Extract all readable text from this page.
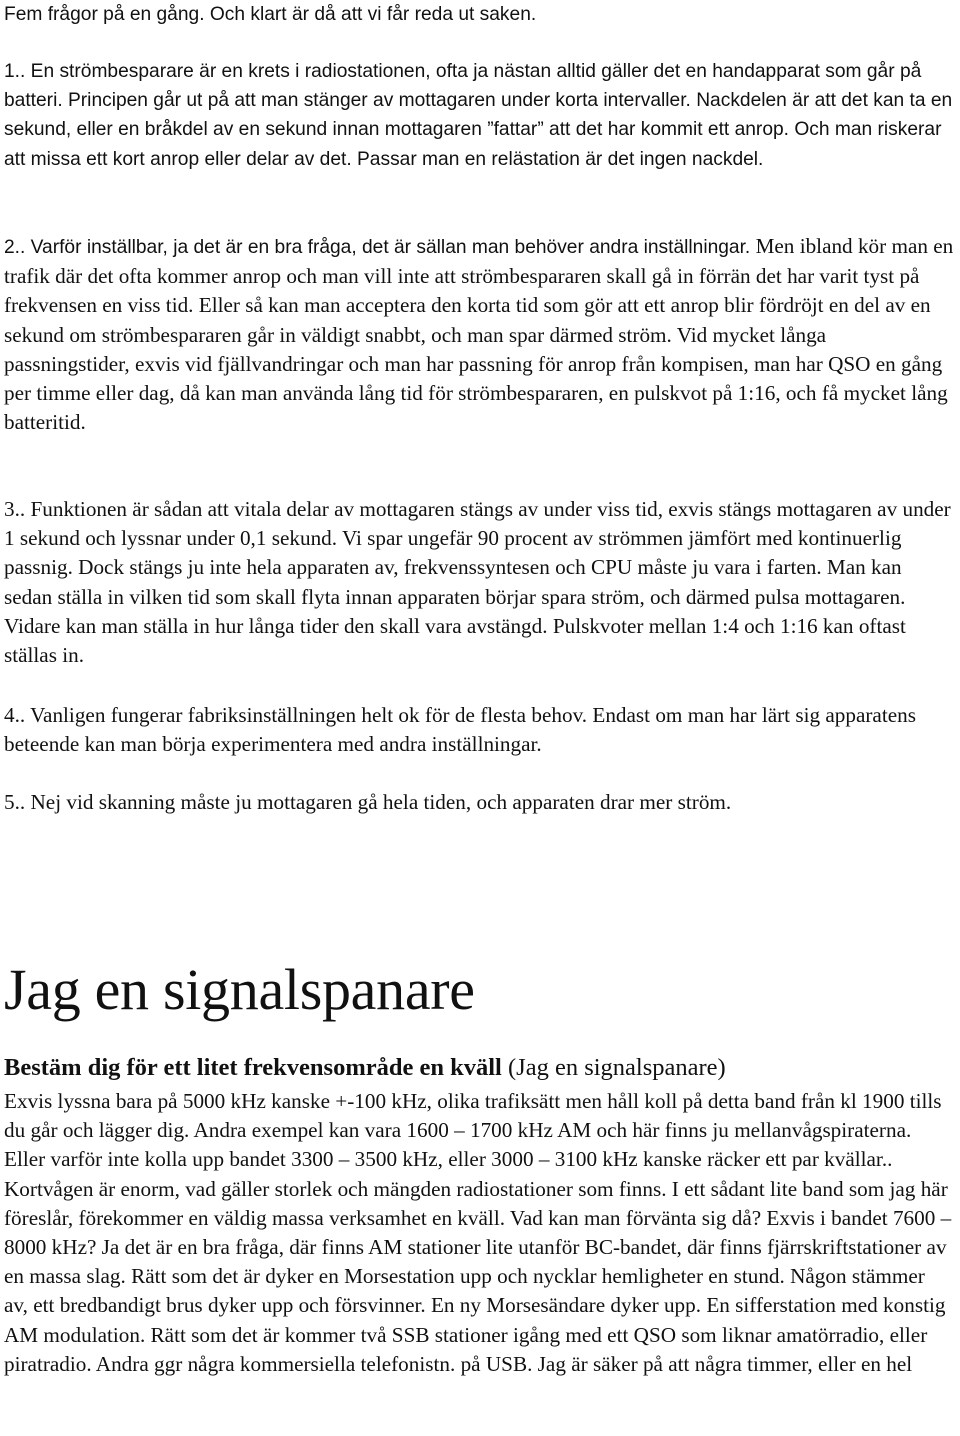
Fem frågor på en gång. Och klart är då att vi får reda ut saken.

1.. En strömbesparare är en krets i radiostationen, ofta ja nästan alltid gäller det en handapparat som går på batteri. Principen går ut på att man stänger av mottagaren under korta intervaller. Nackdelen är att det kan ta en sekund, eller en bråkdel av en sekund innan mottagaren ”fattar” att det har kommit ett anrop. Och man riskerar att missa ett kort anrop eller delar av det. Passar man en relästation är det ingen nackdel.

2.. Varför inställbar, ja det är en bra fråga, det är sällan man behöver andra inställningar. Men ibland kör man en trafik där det ofta kommer anrop och man vill inte att strömbespararen skall gå in förrän det har varit tyst på frekvensen en viss tid. Eller så kan man acceptera den korta tid som gör att ett anrop blir fördröjt en del av en sekund om strömbespararen går in väldigt snabbt, och man spar därmed ström. Vid mycket långa passningstider, exvis vid fjällvandringar och man har passning för anrop från kompisen, man har QSO en gång per timme eller dag, då kan man använda lång tid för strömbespararen, en pulskvot på 1:16, och få mycket lång batteritid.

3.. Funktionen är sådan att vitala delar av mottagaren stängs av under viss tid, exvis stängs mottagaren av under 1 sekund och lyssnar under 0,1 sekund. Vi spar ungefär 90 procent av strömmen jämfört med kontinuerlig passnig. Dock stängs ju inte hela apparaten av, frekvenssyntesen och CPU måste ju vara i farten. Man kan sedan ställa in vilken tid som skall flyta innan apparaten börjar spara ström, och därmed pulsa mottagaren. Vidare kan man ställa in hur långa tider den skall vara avstängd. Pulskvoter mellan 1:4 och 1:16 kan oftast ställas in.

4.. Vanligen fungerar fabriksinställningen helt ok för de flesta behov. Endast om man har lärt sig apparatens beteende kan man börja experimentera med andra inställningar.

5.. Nej vid skanning måste ju mottagaren gå hela tiden, och apparaten drar mer ström.

Jag en signalspanare
Bestäm dig för ett litet frekvensområde en kväll (Jag en signalspanare)

Exvis lyssna bara på 5000 kHz kanske +-100 kHz, olika trafiksätt men håll koll på detta band från kl 1900 tills du går och lägger dig. Andra exempel kan vara 1600 – 1700 kHz AM och här finns ju mellanvågspiraterna. Eller varför inte kolla upp bandet 3300 – 3500 kHz, eller 3000 – 3100 kHz kanske räcker ett par kvällar.. Kortvågen är enorm, vad gäller storlek och mängden radiostationer som finns. I ett sådant lite band som jag här föreslår, förekommer en väldig massa verksamhet en kväll. Vad kan man förvänta sig då? Exvis i bandet 7600 – 8000 kHz? Ja det är en bra fråga, där finns AM stationer lite utanför BC-bandet, där finns fjärrskriftstationer av en massa slag. Rätt som det är dyker en Morsestation upp och nycklar hemligheter en stund. Någon stämmer av, ett bredbandigt brus dyker upp och försvinner. En ny Morsesändare dyker upp. En sifferstation med konstig AM modulation. Rätt som det är kommer två SSB stationer igång med ett QSO som liknar amatörradio, eller piratradio. Andra ggr några kommersiella telefonistn. på USB. Jag är säker på att några timmer, eller en hel
